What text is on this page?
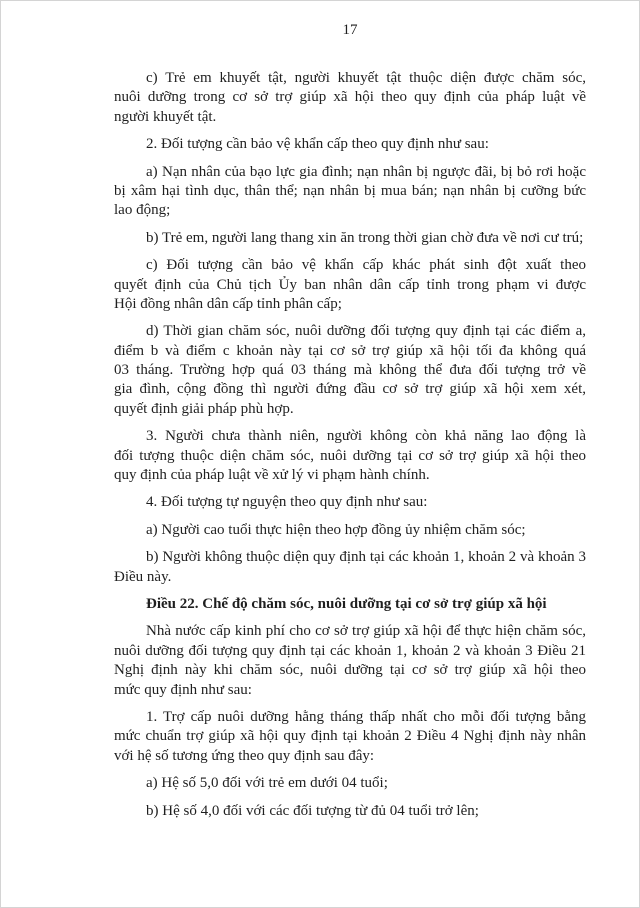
17
c) Trẻ em khuyết tật, người khuyết tật thuộc diện được chăm sóc,
nuôi dưỡng trong cơ sở trợ giúp xã hội theo quy định của pháp luật về
người khuyết tật.
2. Đối tượng cần bảo vệ khẩn cấp theo quy định như sau:
a) Nạn nhân của bạo lực gia đình; nạn nhân bị ngược đãi, bị bỏ rơi hoặc
bị xâm hại tình dục, thân thể; nạn nhân bị mua bán; nạn nhân bị cưỡng bức
lao động;
b) Trẻ em, người lang thang xin ăn trong thời gian chờ đưa về nơi cư trú;
c) Đối tượng cần bảo vệ khẩn cấp khác phát sinh đột xuất theo
quyết định của Chủ tịch Ủy ban nhân dân cấp tỉnh trong phạm vi được
Hội đồng nhân dân cấp tỉnh phân cấp;
d) Thời gian chăm sóc, nuôi dưỡng đối tượng quy định tại các điểm a,
điểm b và điểm c khoản này tại cơ sở trợ giúp xã hội tối đa không quá
03 tháng. Trường hợp quá 03 tháng mà không thể đưa đối tượng trở về
gia đình, cộng đồng thì người đứng đầu cơ sở trợ giúp xã hội xem xét,
quyết định giải pháp phù hợp.
3. Người chưa thành niên, người không còn khả năng lao động là
đối tượng thuộc diện chăm sóc, nuôi dưỡng tại cơ sở trợ giúp xã hội theo
quy định của pháp luật về xử lý vi phạm hành chính.
4. Đối tượng tự nguyện theo quy định như sau:
a) Người cao tuổi thực hiện theo hợp đồng ủy nhiệm chăm sóc;
b) Người không thuộc diện quy định tại các khoản 1, khoản 2 và khoản 3
Điều này.
Điều 22. Chế độ chăm sóc, nuôi dưỡng tại cơ sở trợ giúp xã hội
Nhà nước cấp kinh phí cho cơ sở trợ giúp xã hội để thực hiện chăm sóc,
nuôi dưỡng đối tượng quy định tại các khoản 1, khoản 2 và khoản 3 Điều 21
Nghị định này khi chăm sóc, nuôi dưỡng tại cơ sở trợ giúp xã hội theo
mức quy định như sau:
1. Trợ cấp nuôi dưỡng hằng tháng thấp nhất cho mỗi đối tượng bằng
mức chuẩn trợ giúp xã hội quy định tại khoản 2 Điều 4 Nghị định này nhân
với hệ số tương ứng theo quy định sau đây:
a) Hệ số 5,0 đối với trẻ em dưới 04 tuổi;
b) Hệ số 4,0 đối với các đối tượng từ đủ 04 tuổi trở lên;
